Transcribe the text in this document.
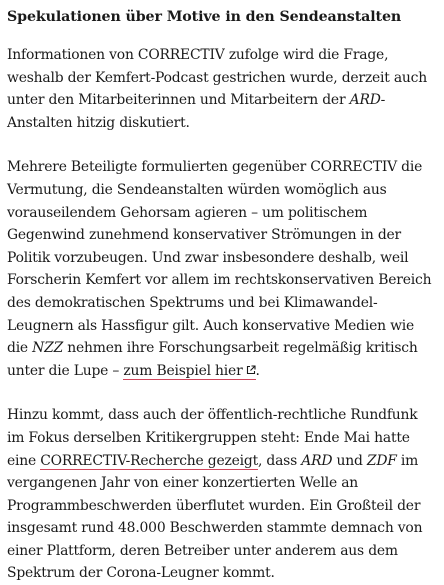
Spekulationen über Motive in den Sendeanstalten

Informationen von CORRECTIV zufolge wird die Frage, weshalb der Kemfert-Podcast gestrichen wurde, derzeit auch unter den Mitarbeiterinnen und Mitarbeitern der ARD-Anstalten hitzig diskutiert.

Mehrere Beteiligte formulierten gegenüber CORRECTIV die Vermutung, die Sendeanstalten würden womöglich aus vorauseilendem Gehorsam agieren – um politischem Gegenwind zunehmend konservativer Strömungen in der Politik vorzubeugen. Und zwar insbesondere deshalb, weil Forscherin Kemfert vor allem im rechtskonservativen Bereich des demokratischen Spektrums und bei Klimawandel-Leugnern als Hassfigur gilt. Auch konservative Medien wie die NZZ nehmen ihre Forschungsarbeit regelmäßig kritisch unter die Lupe – zum Beispiel hier .

Hinzu kommt, dass auch der öffentlich-rechtliche Rundfunk im Fokus derselben Kritikergruppen steht: Ende Mai hatte eine CORRECTIV-Recherche gezeigt, dass ARD und ZDF im vergangenen Jahr von einer konzertierten Welle an Programmbeschwerden überflutet wurden. Ein Großteil der insgesamt rund 48.000 Beschwerden stammte demnach von einer Plattform, deren Betreiber unter anderem aus dem Spektrum der Corona-Leugner kommt.
